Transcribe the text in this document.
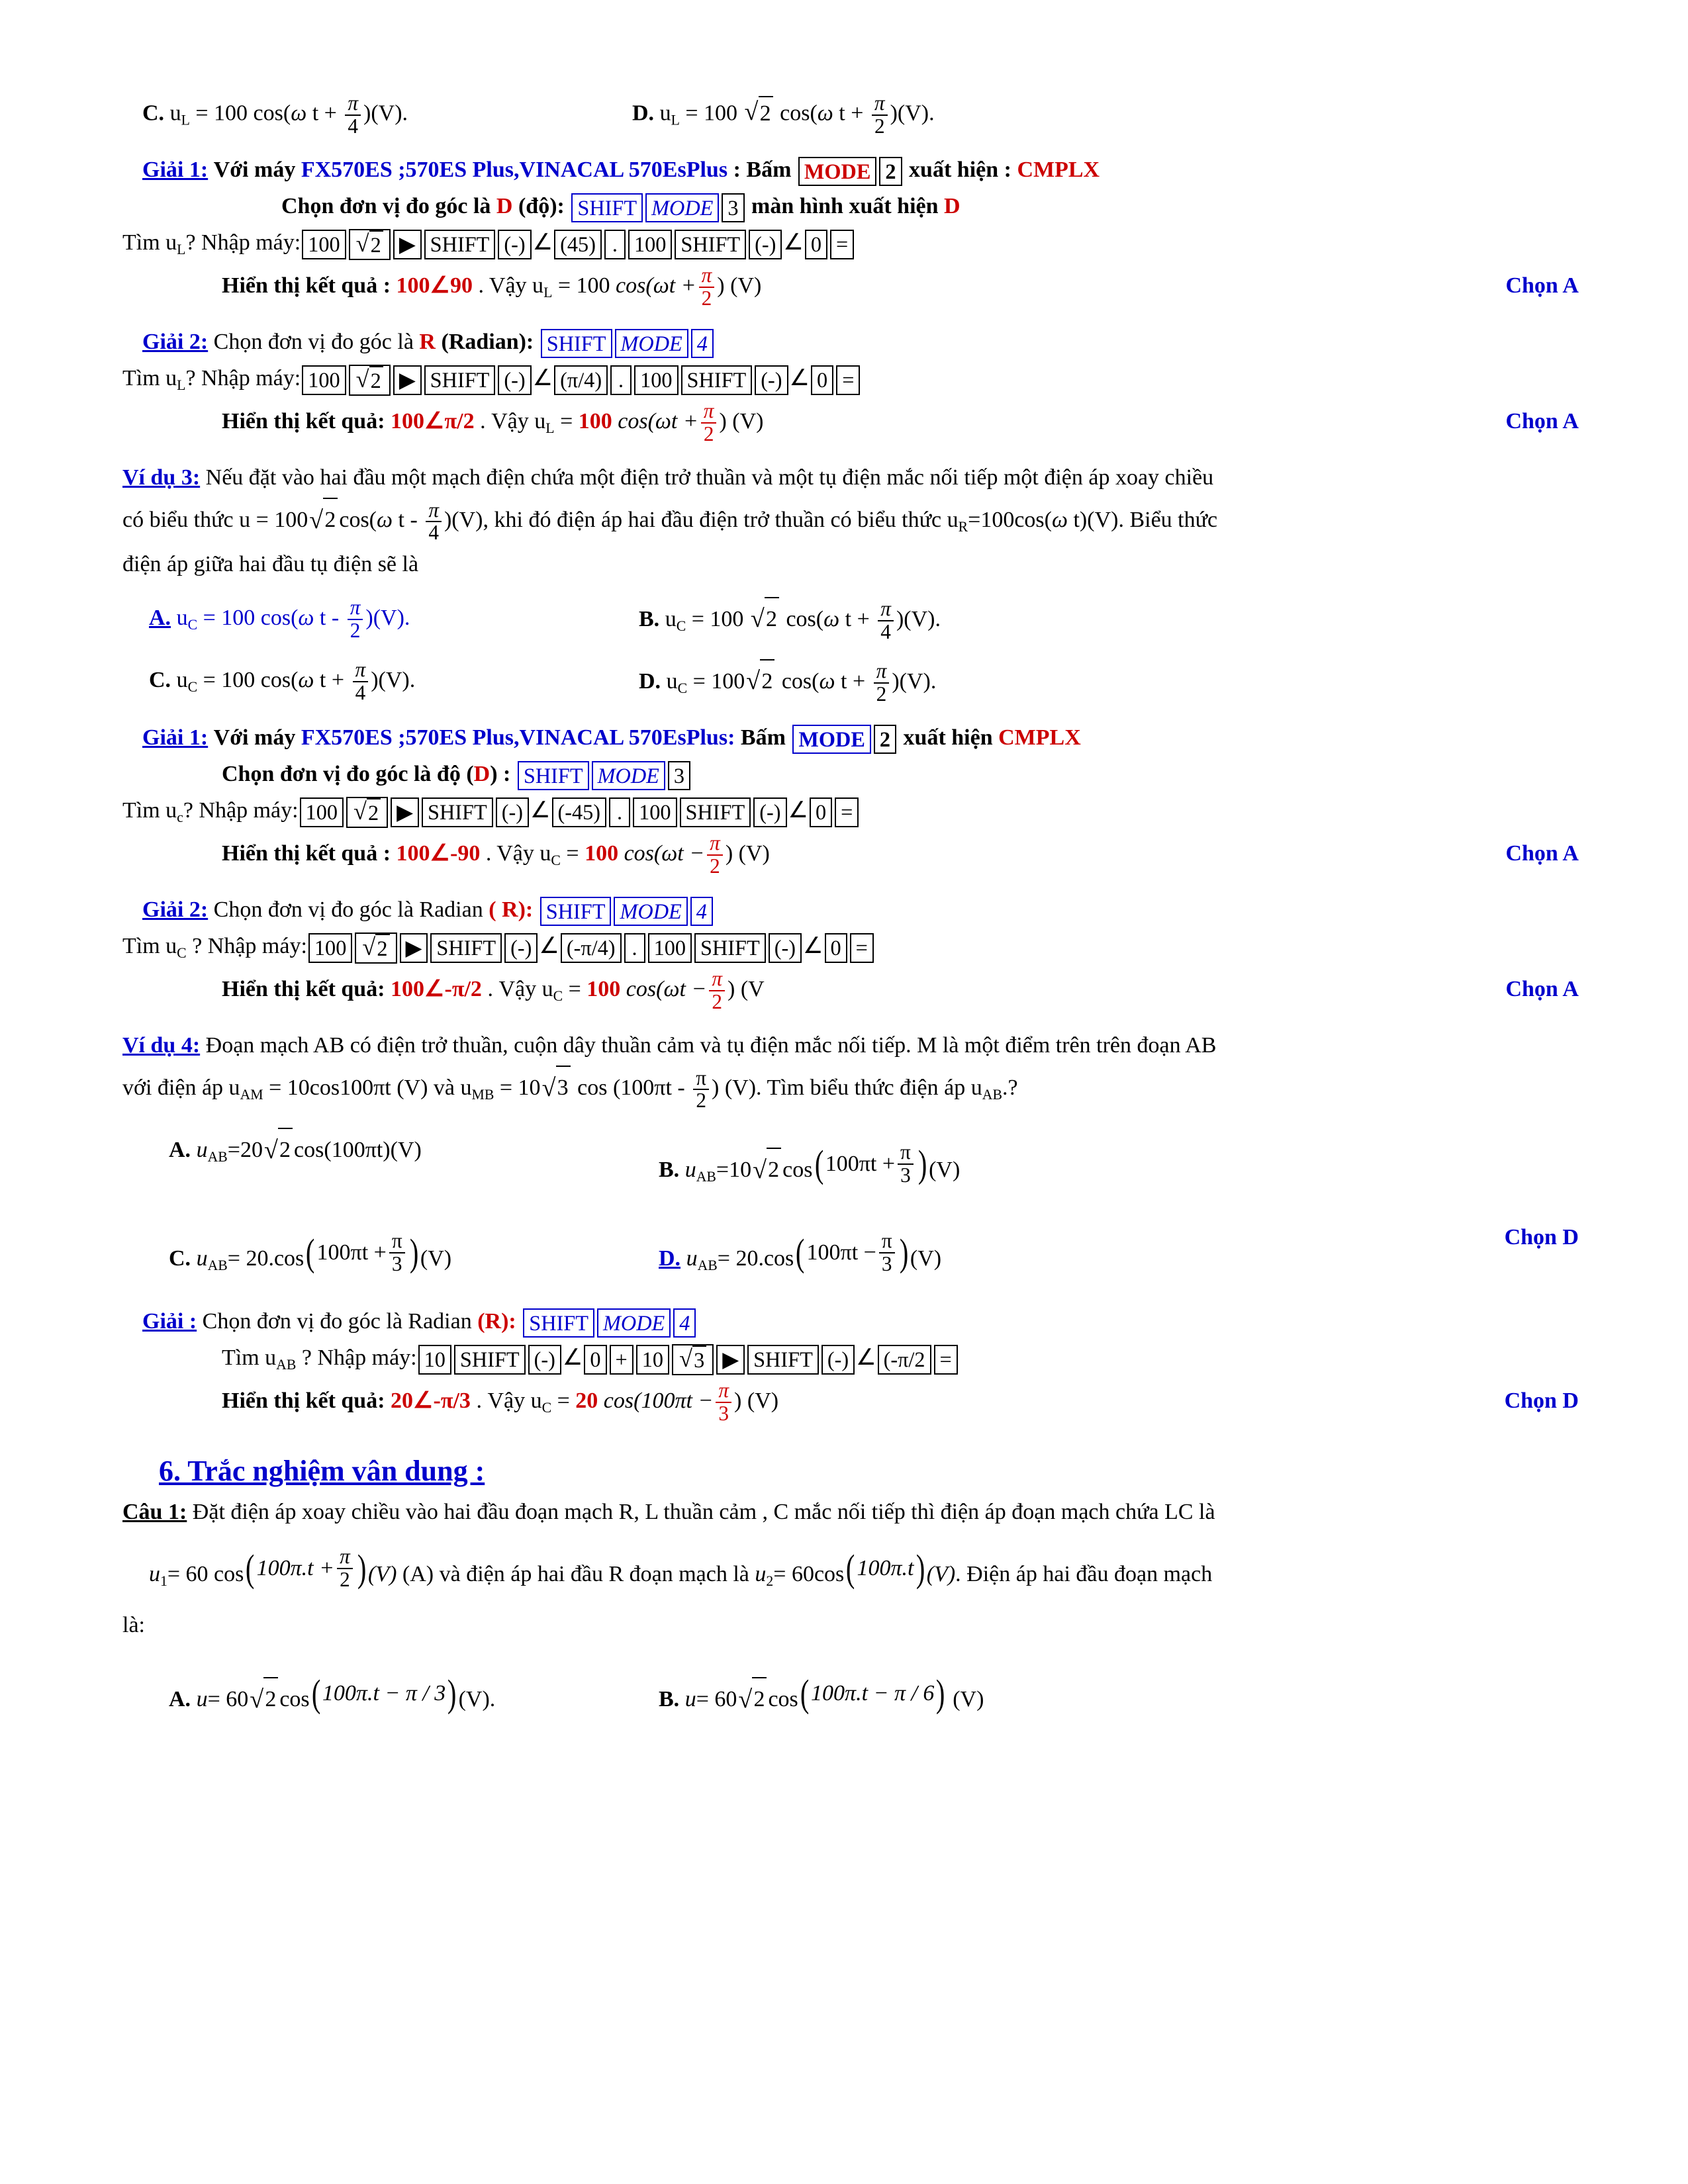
C. $u_L = 100$ cos(ω $t + \frac{\pi}{4} )(V)$.	D. $u_L = 100$ √ 2 cos(ω $t + \frac{\pi}{2} )(V)$.
Giải 1: Với máy FX570ES ;570ES Plus,VINACAL 570EsPlus : Bấm MODE 2 xuất hiện : CMPLX
Chọn đơn vị đo góc là D (độ): SHIFT MODE 3 màn hình xuất hiện D
Tìm $u_L$? Nhập máy: 100 √ 2 ▶ SHIFT (-) ∠ (45) . 100 SHIFT (-) ∠ 0 =
Hiển thị kết quả : 100∠90 . Vậy $u_L = 100$ $\cos(\omega t + \frac{\pi}{2}$ ) (V)	Chọn A
Giải 2: Chọn đơn vị đo góc là R (Radian): SHIFT MODE 4
Tìm $u_L$? Nhập máy: 100 √ 2 ▶ SHIFT (-) ∠ (π/4) . 100 SHIFT (-) ∠ 0 =
Hiển thị kết quả: 100∠π/2 . Vậy $u_L = 100$ $\cos(\omega t + \frac{\pi}{2}$ ) (V)	Chọn A
Ví dụ 3: Nếu đặt vào hai đầu một mạch điện chứa một điện trở thuần và một tụ điện mắc nối tiếp một điện áp xoay chiều
có biểu thức u = 100 √ 2 cos(ω t - $\frac{\pi}{4} )(V)$, khi đó điện áp hai đầu điện trở thuần có biểu thức $u_R=100\cos(\omega$ t)(V). Biểu thức
điện áp giữa hai đầu tụ điện sẽ là
A. $u_C = 100$ cos(ω t - $\frac{\pi}{2} )(V)$.	B. $u_C = 100$ √ 2 cos(ω $t + \frac{\pi}{4} )(V)$.
C. $u_C = 100$ cos(ω $t + \frac{\pi}{4} )(V)$.	D. $u_C = 100$ √ 2 cos(ω $t + \frac{\pi}{2} )(V)$.
Giải 1: Với máy FX570ES ;570ES Plus,VINACAL 570EsPlus: Bấm MODE 2 xuất hiện CMPLX
Chọn đơn vị đo góc là độ (D) : SHIFT MODE 3
Tìm $u_c$? Nhập máy: 100 √ 2 ▶ SHIFT (-) ∠ (-45) . 100 SHIFT (-) ∠ 0 =
Hiển thị kết quả : 100∠-90 . Vậy $u_C = 100$ $\cos(\omega t - \frac{\pi}{2}$ ) (V)	Chọn A
Giải 2: Chọn đơn vị đo góc là Radian ( R): SHIFT MODE 4
Tìm $u_C$ ? Nhập máy: 100 √ 2 ▶ SHIFT (-) ∠ (-π/4) . 100 SHIFT (-) ∠ 0 =
Hiển thị kết quả: 100∠-π/2 . Vậy $u_C = 100$ $\cos(\omega t - \frac{\pi}{2}$ ) (V	Chọn A
Ví dụ 4: Đoạn mạch AB có điện trở thuần, cuộn dây thuần cảm và tụ điện mắc nối tiếp. M là một điểm trên trên đoạn AB
với điện áp $u_{AM} = 10\cos 100\pi t$ (V) và $u_{MB} = 10$ √ 3 $\cos (100\pi t - \frac{\pi}{2}$ ) (V). Tìm biểu thức điện áp $u_{AB}$.?
A. $u_{AB}=20$ √ 2 cos(100πt)(V)
B. $u_{AB}=10$ √ 2 cos ( $100\pi t + \frac{\pi}{3}$ ) (V)
C. $u_{AB}= 20.\cos$ ( $100\pi t + \frac{\pi}{3}$ ) (V)	D. $u_{AB}= 20.\cos$ ( $100\pi t - \frac{\pi}{3}$ ) (V)
Chọn D
Giải : Chọn đơn vị đo góc là Radian (R): SHIFT MODE 4
Tìm $u_{AB}$ ? Nhập máy: 10 SHIFT (-) ∠ 0 + 10 √ 3 ▶ SHIFT (-) ∠ (-π/2 =
Hiển thị kết quả: 20∠-π/3 . Vậy $u_C = 20$ $\cos(100\pi t - \frac{\pi}{3}$ ) (V)	Chọn D
6. Trắc nghiệm vân dung :
Câu 1: Đặt điện áp xoay chiều vào hai đầu đoạn mạch R, L thuần cảm , C mắc nối tiếp thì điện áp đoạn mạch chứa LC là
$u_1= 60$ cos ( $100\pi.t + \frac{\pi}{2}$ ) (V) (A) và điện áp hai đầu R đoạn mạch là $u_2= 60\cos$ ( 100π.t ) (V). Điện áp hai đầu đoạn mạch
là:
A. u= 60 √ 2 cos ( 100π.t − π / 3 ) (V).	B. u= 60 √ 2 cos ( 100π.t − π / 6 ) (V)
